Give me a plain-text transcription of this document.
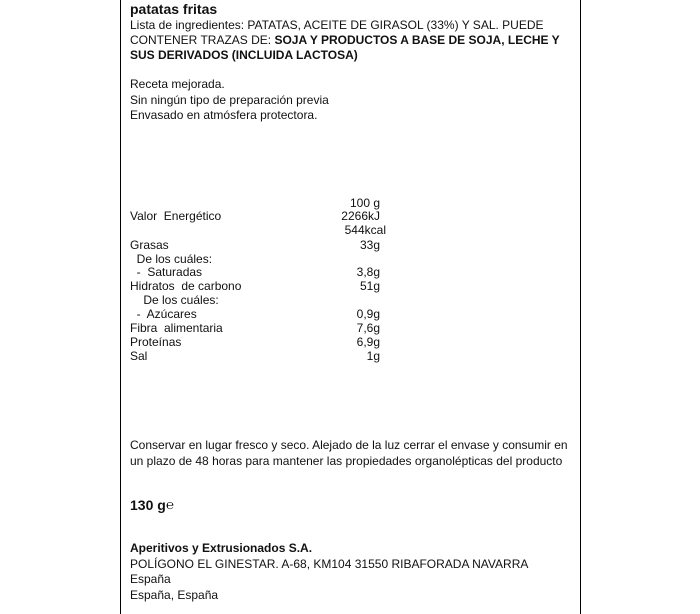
patatas fritas
Lista de ingredientes: PATATAS, ACEITE DE GIRASOL (33%) Y SAL. PUEDE CONTENER TRAZAS DE: SOJA Y PRODUCTOS A BASE DE SOJA, LECHE Y SUS DERIVADOS (INCLUIDA LACTOSA)
Receta mejorada.
Sin ningún tipo de preparación previa
Envasado en atmósfera protectora.
100 g
Valor  Energético	2266kJ
544kcal
Grasas	33g
De los cuáles:
-  Saturadas	3,8g
Hidratos  de carbono	51g
De los cuáles:
-  Azúcares	0,9g
Fibra  alimentaria	7,6g
Proteínas	6,9g
Sal	1g
Conservar en lugar fresco y seco. Alejado de la luz cerrar el envase y consumir en un plazo de 48 horas para mantener las propiedades organolépticas del producto
130 g ℮
Aperitivos y Extrusionados S.A.
POLÍGONO EL GINESTAR. A-68, KM104 31550 RIBAFORADA NAVARRA
España
España, España
